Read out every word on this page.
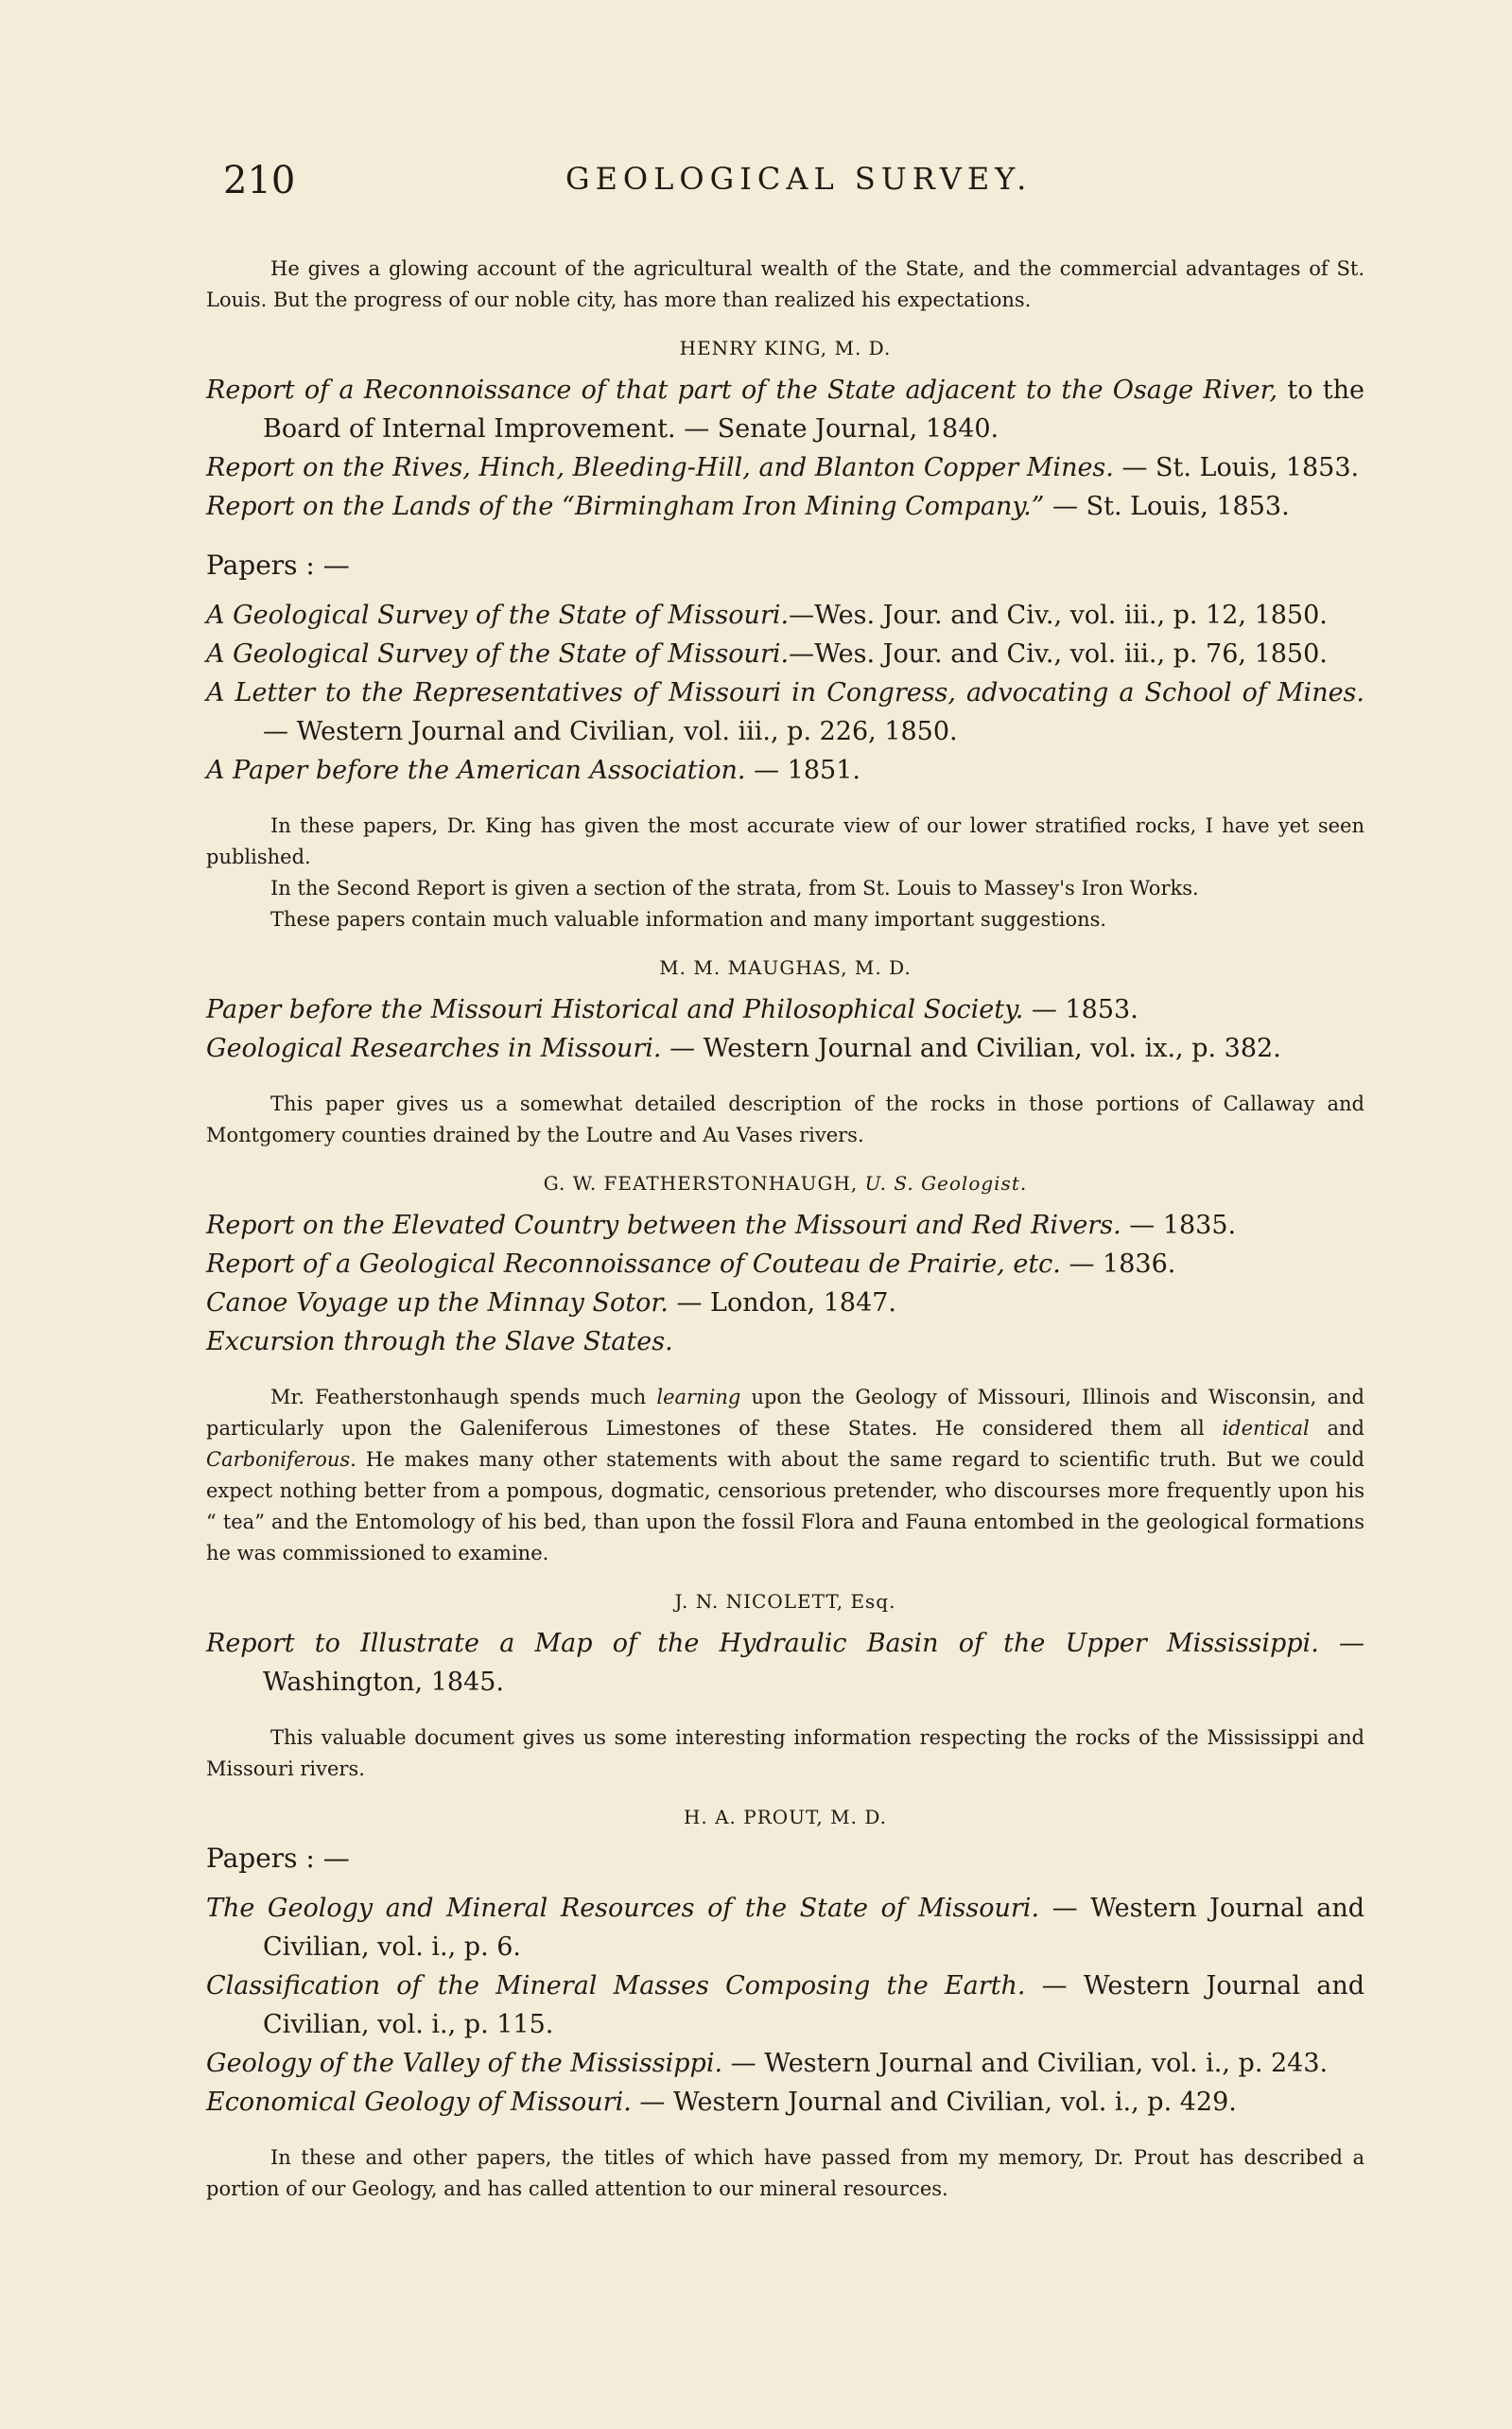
210	GEOLOGICAL SURVEY.

He gives a glowing account of the agricultural wealth of the State, and the commercial advantages of St. Louis. But the progress of our noble city, has more than realized his expectations.

HENRY KING, M. D.

Report of a Reconnoissance of that part of the State adjacent to the Osage River, to the Board of Internal Improvement. — Senate Journal, 1840.

Report on the Rives, Hinch, Bleeding-Hill, and Blanton Copper Mines. — St. Louis, 1853.

Report on the Lands of the “Birmingham Iron Mining Company.” — St. Louis, 1853.

Papers : —

A Geological Survey of the State of Missouri.—Wes. Jour. and Civ., vol. iii., p. 12, 1850.

A Geological Survey of the State of Missouri.—Wes. Jour. and Civ., vol. iii., p. 76, 1850.

A Letter to the Representatives of Missouri in Congress, advocating a School of Mines. — Western Journal and Civilian, vol. iii., p. 226, 1850.

A Paper before the American Association. — 1851.

In these papers, Dr. King has given the most accurate view of our lower stratified rocks, I have yet seen published.

In the Second Report is given a section of the strata, from St. Louis to Massey's Iron Works.

These papers contain much valuable information and many important suggestions.

M. M. MAUGHAS, M. D.

Paper before the Missouri Historical and Philosophical Society. — 1853.

Geological Researches in Missouri. — Western Journal and Civilian, vol. ix., p. 382.

This paper gives us a somewhat detailed description of the rocks in those portions of Callaway and Montgomery counties drained by the Loutre and Au Vases rivers.

G. W. FEATHERSTONHAUGH, U. S. Geologist.

Report on the Elevated Country between the Missouri and Red Rivers. — 1835.

Report of a Geological Reconnoissance of Couteau de Prairie, etc. — 1836.

Canoe Voyage up the Minnay Sotor. — London, 1847.

Excursion through the Slave States.

Mr. Featherstonhaugh spends much learning upon the Geology of Missouri, Illinois and Wisconsin, and particularly upon the Galeniferous Limestones of these States. He considered them all identical and Carboniferous. He makes many other statements with about the same regard to scientific truth. But we could expect nothing better from a pompous, dogmatic, censorious pretender, who discourses more frequently upon his “ tea” and the Entomology of his bed, than upon the fossil Flora and Fauna entombed in the geological formations he was commissioned to examine.

J. N. NICOLETT, Esq.

Report to Illustrate a Map of the Hydraulic Basin of the Upper Mississippi. — Washington, 1845.

This valuable document gives us some interesting information respecting the rocks of the Mississippi and Missouri rivers.

H. A. PROUT, M. D.

Papers : —

The Geology and Mineral Resources of the State of Missouri. — Western Journal and Civilian, vol. i., p. 6.

Classification of the Mineral Masses Composing the Earth. — Western Journal and Civilian, vol. i., p. 115.

Geology of the Valley of the Mississippi. — Western Journal and Civilian, vol. i., p. 243.

Economical Geology of Missouri. — Western Journal and Civilian, vol. i., p. 429.

In these and other papers, the titles of which have passed from my memory, Dr. Prout has described a portion of our Geology, and has called attention to our mineral resources.
